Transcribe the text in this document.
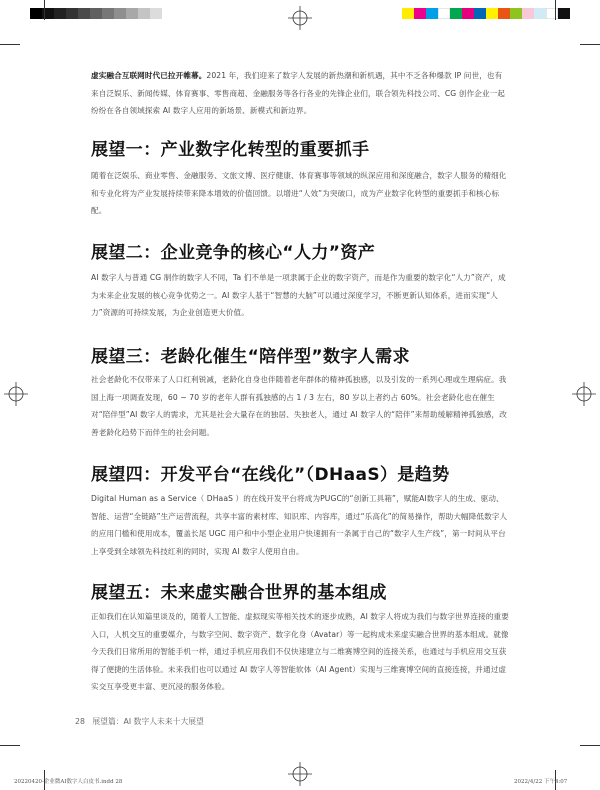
虚实融合互联网时代已拉开帷幕。2021 年，我们迎来了数字人发展的新热潮和新机遇，其中不乏各种爆款 IP 问世，也有来自泛娱乐、新闻传媒、体育赛事、零售商超、金融服务等各行各业的先锋企业们，联合领先科技公司、CG 创作企业一起纷纷在各自领域探索 AI 数字人应用的新场景、新模式和新边界。
展望一：产业数字化转型的重要抓手
随着在泛娱乐、商业零售、金融服务、文旅文博、医疗健康、体育赛事等领域的纵深应用和深度融合，数字人服务的精细化和专业化将为产业发展持续带来降本增效的价值回馈。以增进“人效”为突破口，成为产业数字化转型的重要抓手和核心标配。
展望二：企业竞争的核心“人力”资产
AI 数字人与普通 CG 制作的数字人不同，Ta 们不单是一项隶属于企业的数字资产，而是作为重要的数字化“人力”资产，成为未来企业发展的核心竞争优势之一。AI 数字人基于“智慧的大脑”可以通过深度学习，不断更新认知体系，进而实现“人力”资源的可持续发展，为企业创造更大价值。
展望三：老龄化催生“陪伴型”数字人需求
社会老龄化不仅带来了人口红利锐减，老龄化自身也伴随着老年群体的精神孤独感，以及引发的一系列心理或生理病症。我国上海一项调查发现，60 ~ 70 岁的老年人群有孤独感的占 1 / 3 左右，80 岁以上者约占 60%。社会老龄化也在催生对“陪伴型”AI 数字人的需求，尤其是社会大量存在的独居、失独老人，通过 AI 数字人的“陪伴”来帮助缓解精神孤独感，改善老龄化趋势下而伴生的社会问题。
展望四：开发平台“在线化”（DHaaS）是趋势
Digital Human as a Service（ DHaaS ）的在线开发平台将成为PUGC的“创新工具箱”，赋能AI数字人的生成、驱动、智能、运营“全链路”生产运营流程，共享丰富的素材库、知识库、内容库，通过“乐高化”的简易操作，帮助大幅降低数字人的应用门槛和使用成本，覆盖长尾 UGC 用户和中小型企业用户快速拥有一条属于自己的“数字人生产线”，第一时间从平台上享受到全球领先科技红利的同时，实现 AI 数字人使用自由。
展望五：未来虚实融合世界的基本组成
正如我们在认知篇里谈及的，随着人工智能、虚拟现实等相关技术的逐步成熟，AI 数字人将成为我们与数字世界连接的重要入口，人机交互的重要媒介，与数字空间、数字资产、数字化身（Avatar）等一起构成未来虚实融合世界的基本组成。就像今天我们日常所用的智能手机一样，通过手机应用我们不仅快速建立与二维赛博空间的连接关系，也通过与手机应用交互获得了便捷的生活体验。未来我们也可以通过 AI 数字人等智能软体（AI Agent）实现与三维赛博空间的直接连接，并通过虚实交互享受更丰富、更沉浸的服务体验。
28 展望篇：AI 数字人未来十大展望
20220420-企业微AI数字人白皮书.indd 28	2022/4/22 下午4:07
